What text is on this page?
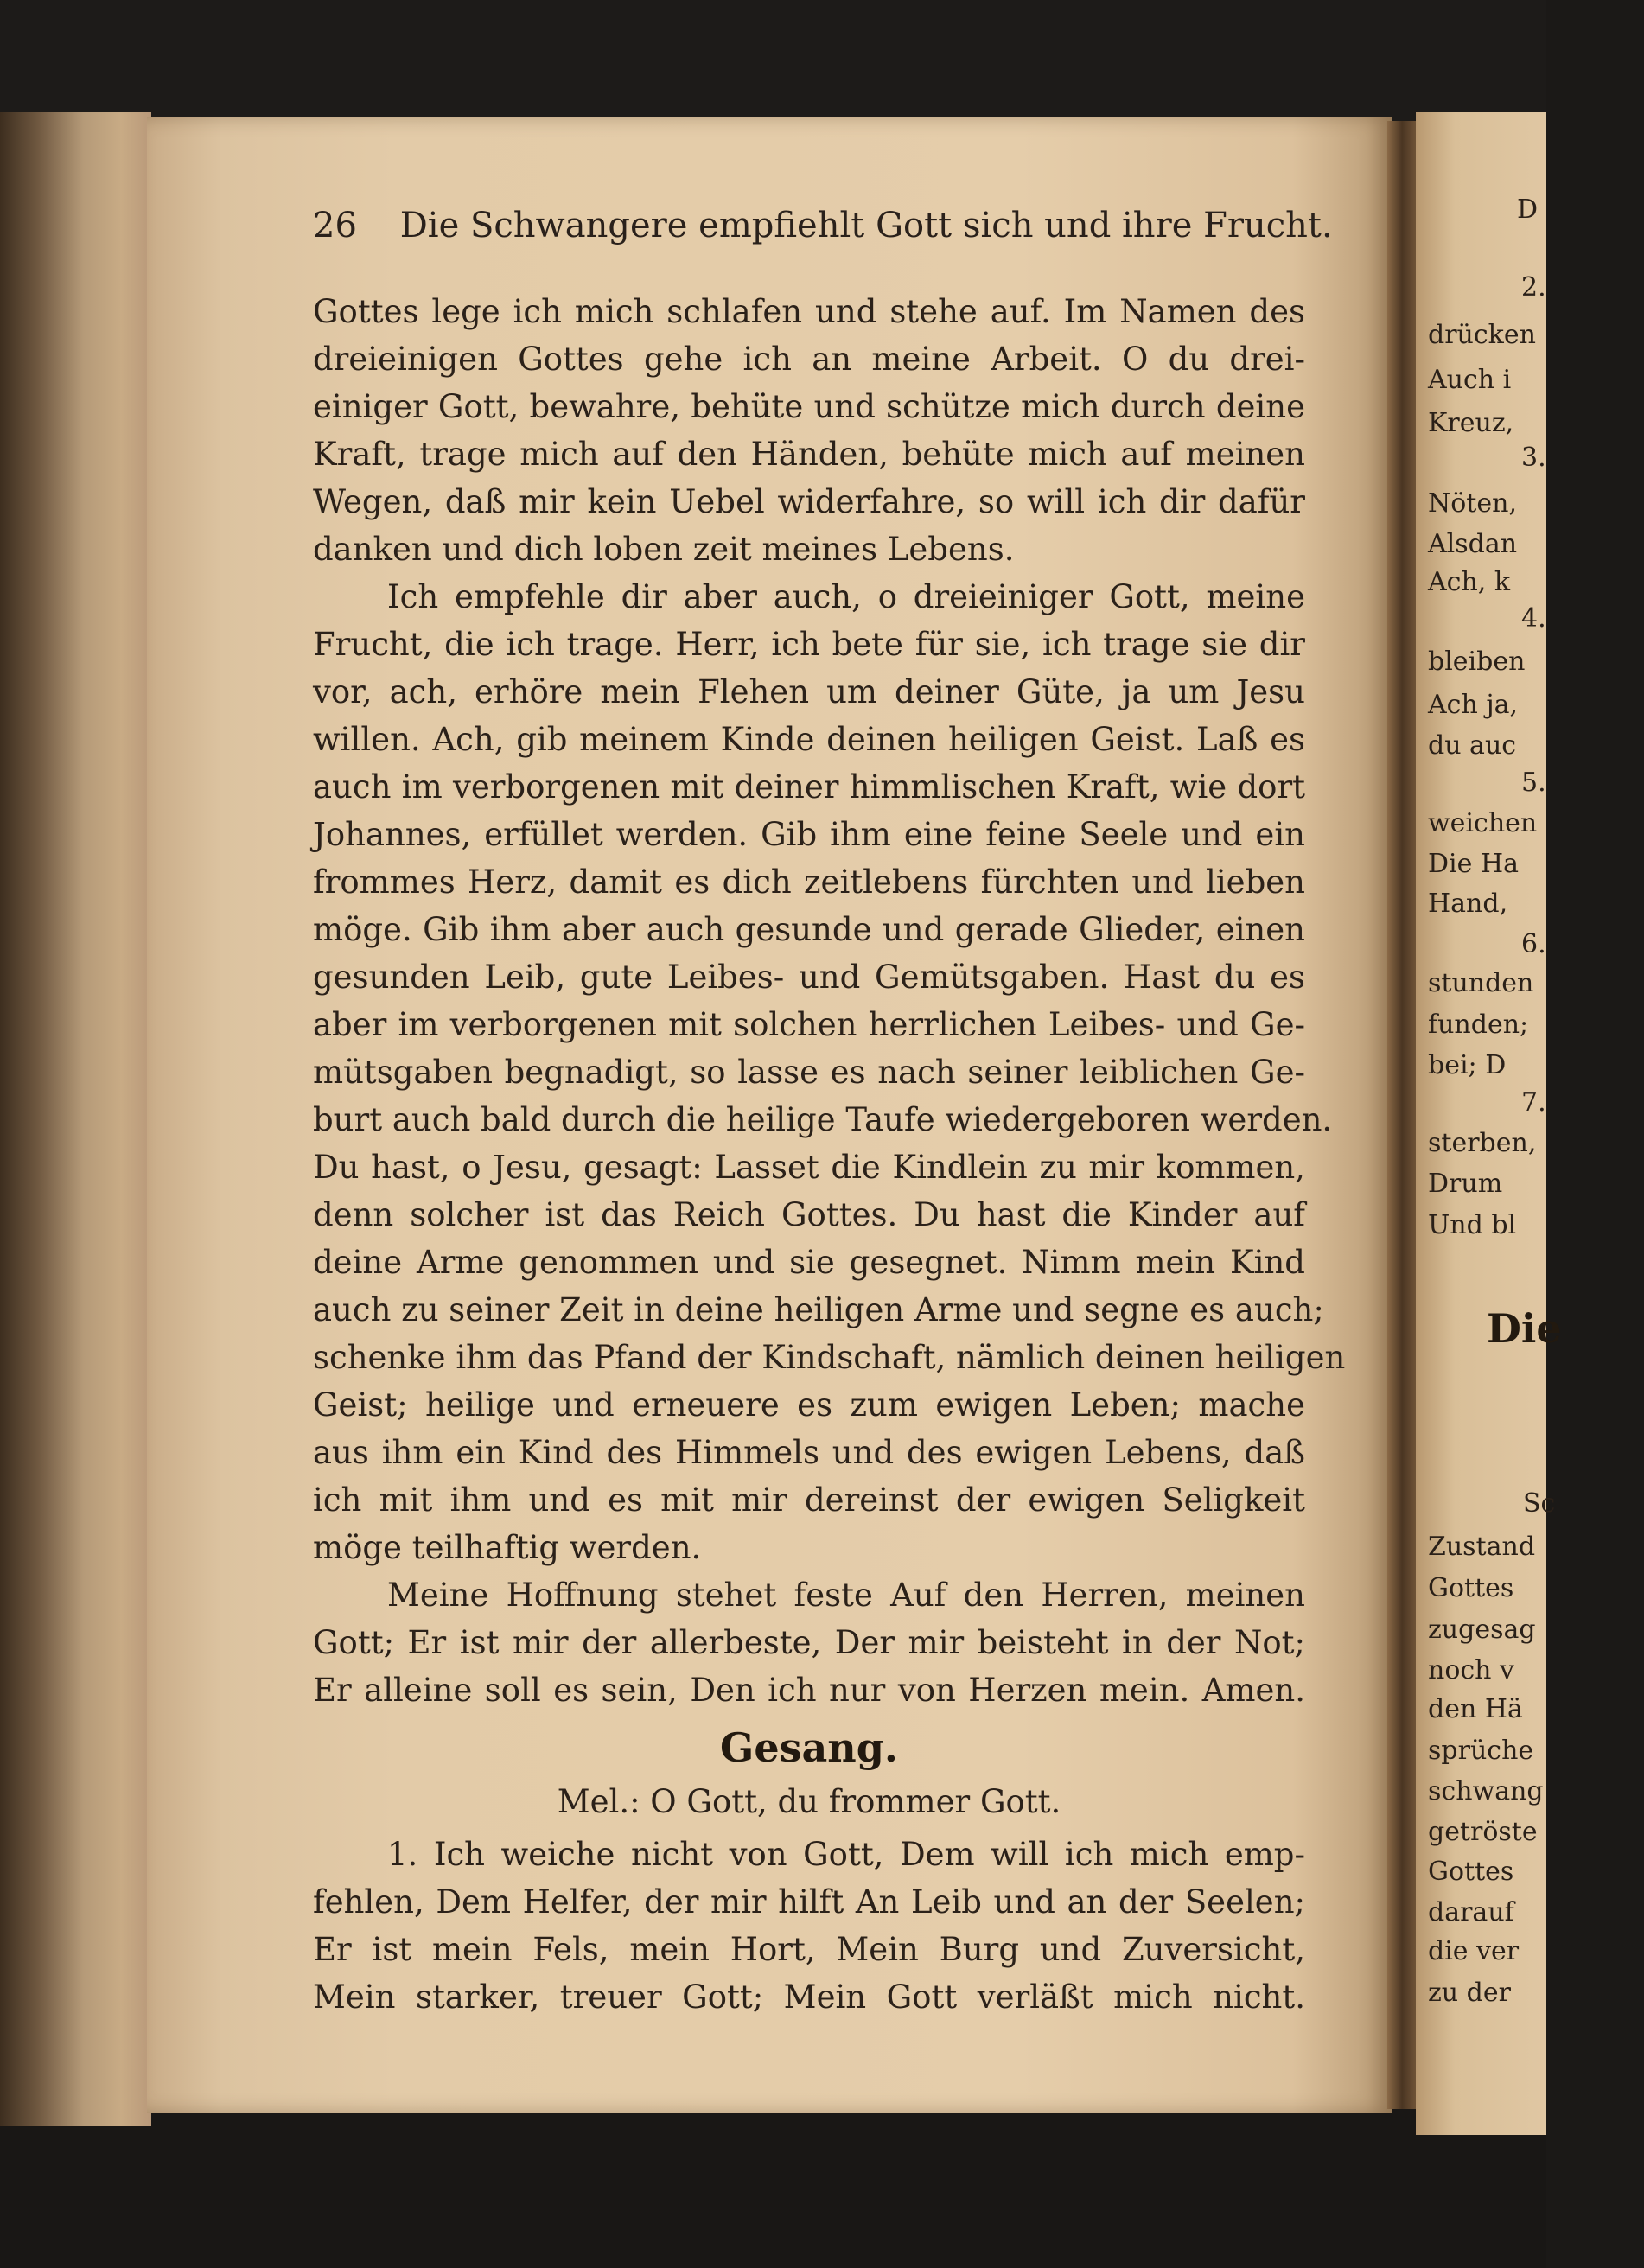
26 Die Schwangere empfiehlt Gott sich und ihre Frucht.
Gottes lege ich mich schlafen und stehe auf. Im Namen des
dreieinigen Gottes gehe ich an meine Arbeit. O du drei-
einiger Gott, bewahre, behüte und schütze mich durch deine
Kraft, trage mich auf den Händen, behüte mich auf meinen
Wegen, daß mir kein Uebel widerfahre, so will ich dir dafür
danken und dich loben zeit meines Lebens.
Ich empfehle dir aber auch, o dreieiniger Gott, meine
Frucht, die ich trage. Herr, ich bete für sie, ich trage sie dir
vor, ach, erhöre mein Flehen um deiner Güte, ja um Jesu
willen. Ach, gib meinem Kinde deinen heiligen Geist. Laß es
auch im verborgenen mit deiner himmlischen Kraft, wie dort
Johannes, erfüllet werden. Gib ihm eine feine Seele und ein
frommes Herz, damit es dich zeitlebens fürchten und lieben
möge. Gib ihm aber auch gesunde und gerade Glieder, einen
gesunden Leib, gute Leibes- und Gemütsgaben. Hast du es
aber im verborgenen mit solchen herrlichen Leibes- und Ge-
mütsgaben begnadigt, so lasse es nach seiner leiblichen Ge-
burt auch bald durch die heilige Taufe wiedergeboren werden.
Du hast, o Jesu, gesagt: Lasset die Kindlein zu mir kommen,
denn solcher ist das Reich Gottes. Du hast die Kinder auf
deine Arme genommen und sie gesegnet. Nimm mein Kind
auch zu seiner Zeit in deine heiligen Arme und segne es auch;
schenke ihm das Pfand der Kindschaft, nämlich deinen heiligen
Geist; heilige und erneuere es zum ewigen Leben; mache
aus ihm ein Kind des Himmels und des ewigen Lebens, daß
ich mit ihm und es mit mir dereinst der ewigen Seligkeit
möge teilhaftig werden.
Meine Hoffnung stehet feste Auf den Herren, meinen
Gott; Er ist mir der allerbeste, Der mir beisteht in der Not;
Er alleine soll es sein, Den ich nur von Herzen mein. Amen.
Gesang.
Mel.: O Gott, du frommer Gott.
1. Ich weiche nicht von Gott, Dem will ich mich emp-
fehlen, Dem Helfer, der mir hilft An Leib und an der Seelen;
Er ist mein Fels, mein Hort, Mein Burg und Zuversicht,
Mein starker, treuer Gott; Mein Gott verläßt mich nicht.
D
2.
drücken
Auch i
Kreuz,
3.
Nöten,
Alsdan
Ach, k
4.
bleiben
Ach ja,
du auc
5.
weichen
Die Ha
Hand,
6.
stunden
funden;
bei; D
7.
sterben,
Drum
Und bl
Die
Sc
Zustand
Gottes
zugesag
noch v
den Hä
sprüche
schwang
getröste
Gottes
darauf
die ver
zu der
